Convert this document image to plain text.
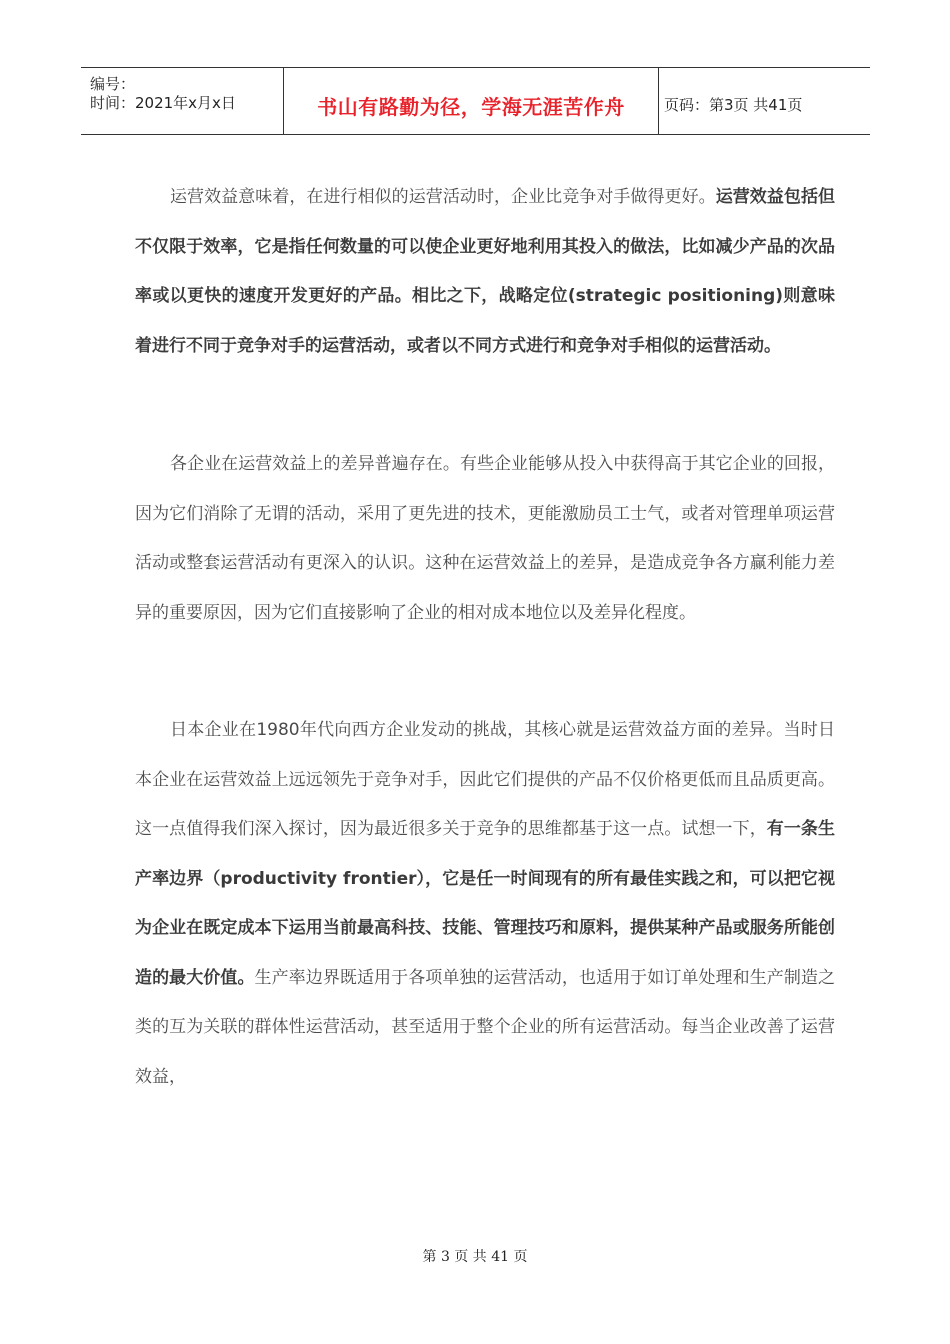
编号：
时间：2021年x月x日	书山有路勤为径，学海无涯苦作舟	页码：第3页 共41页

运营效益意味着，在进行相似的运营活动时，企业比竞争对手做得更好。运营效益包括但不仅限于效率，它是指任何数量的可以使企业更好地利用其投入的做法，比如减少产品的次品率或以更快的速度开发更好的产品。相比之下，战略定位(strategic positioning)则意味着进行不同于竞争对手的运营活动，或者以不同方式进行和竞争对手相似的运营活动。

各企业在运营效益上的差异普遍存在。有些企业能够从投入中获得高于其它企业的回报，因为它们消除了无谓的活动，采用了更先进的技术，更能激励员工士气，或者对管理单项运营活动或整套运营活动有更深入的认识。这种在运营效益上的差异，是造成竞争各方赢利能力差异的重要原因，因为它们直接影响了企业的相对成本地位以及差异化程度。

日本企业在1980年代向西方企业发动的挑战，其核心就是运营效益方面的差异。当时日本企业在运营效益上远远领先于竞争对手，因此它们提供的产品不仅价格更低而且品质更高。这一点值得我们深入探讨，因为最近很多关于竞争的思维都基于这一点。试想一下，有一条生产率边界（productivity frontier），它是任一时间现有的所有最佳实践之和，可以把它视为企业在既定成本下运用当前最高科技、技能、管理技巧和原料，提供某种产品或服务所能创造的最大价值。生产率边界既适用于各项单独的运营活动，也适用于如订单处理和生产制造之类的互为关联的群体性运营活动，甚至适用于整个企业的所有运营活动。每当企业改善了运营效益，

第 3 页 共 41 页
